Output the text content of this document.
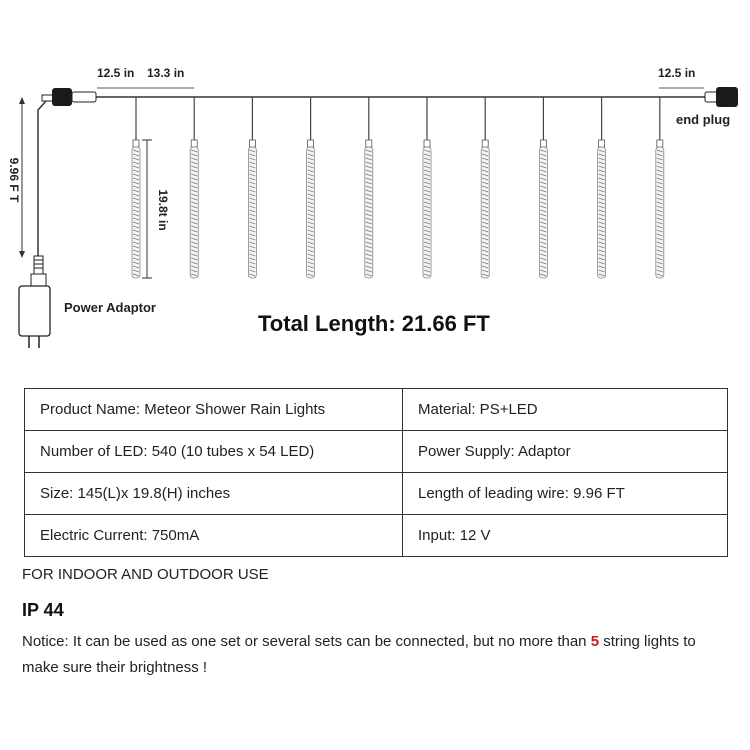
9.96 F T
12.5 in 13.3 in	12.5 in
19.8t in
end plug
Power Adaptor
Total Length: 21.66 FT
Product Name: Meteor Shower Rain Lights	Material: PS+LED
Number of LED: 540 (10 tubes x 54 LED)	Power Supply: Adaptor
Size: 145(L)x 19.8(H) inches	Length of leading wire: 9.96 FT
Electric Current: 750mA	Input: 12 V
FOR INDOOR AND OUTDOOR USE
IP 44
Notice: It can be used as one set or several sets can be connected, but no more than 5 string lights to make sure their brightness !
